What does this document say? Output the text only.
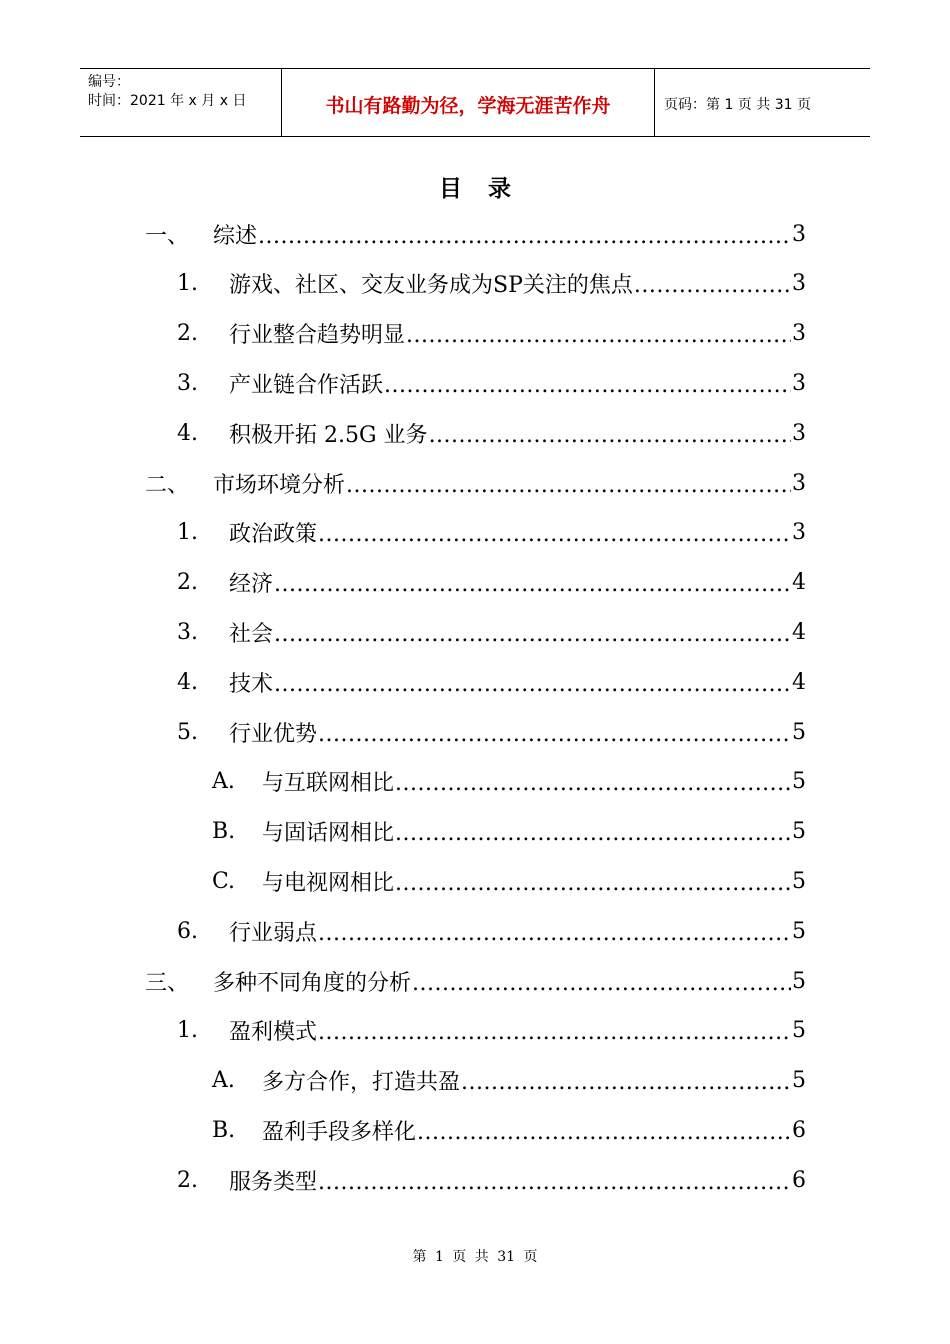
编号：
时间：2021 年 x 月 x 日	书山有路勤为径，学海无涯苦作舟	页码：第 1 页 共 31 页
目录
一、	综述 .....	3
1.	游戏、社区、交友业务成为SP关注的焦点 .....	3
2.	行业整合趋势明显 .....	3
3.	产业链合作活跃 .....	3
4.	积极开拓 2.5G 业务 .....	3
二、	市场环境分析 .....	3
1.	政治政策 .....	3
2.	经济 .....	4
3.	社会 .....	4
4.	技术 .....	4
5.	行业优势 .....	5
A.	与互联网相比 .....	5
B.	与固话网相比 .....	5
C.	与电视网相比 .....	5
6.	行业弱点 .....	5
三、	多种不同角度的分析 .....	5
1.	盈利模式 .....	5
A.	多方合作，打造共盈 .....	5
B.	盈利手段多样化 .....	6
2.	服务类型 .....	6
第 1 页 共 31 页
